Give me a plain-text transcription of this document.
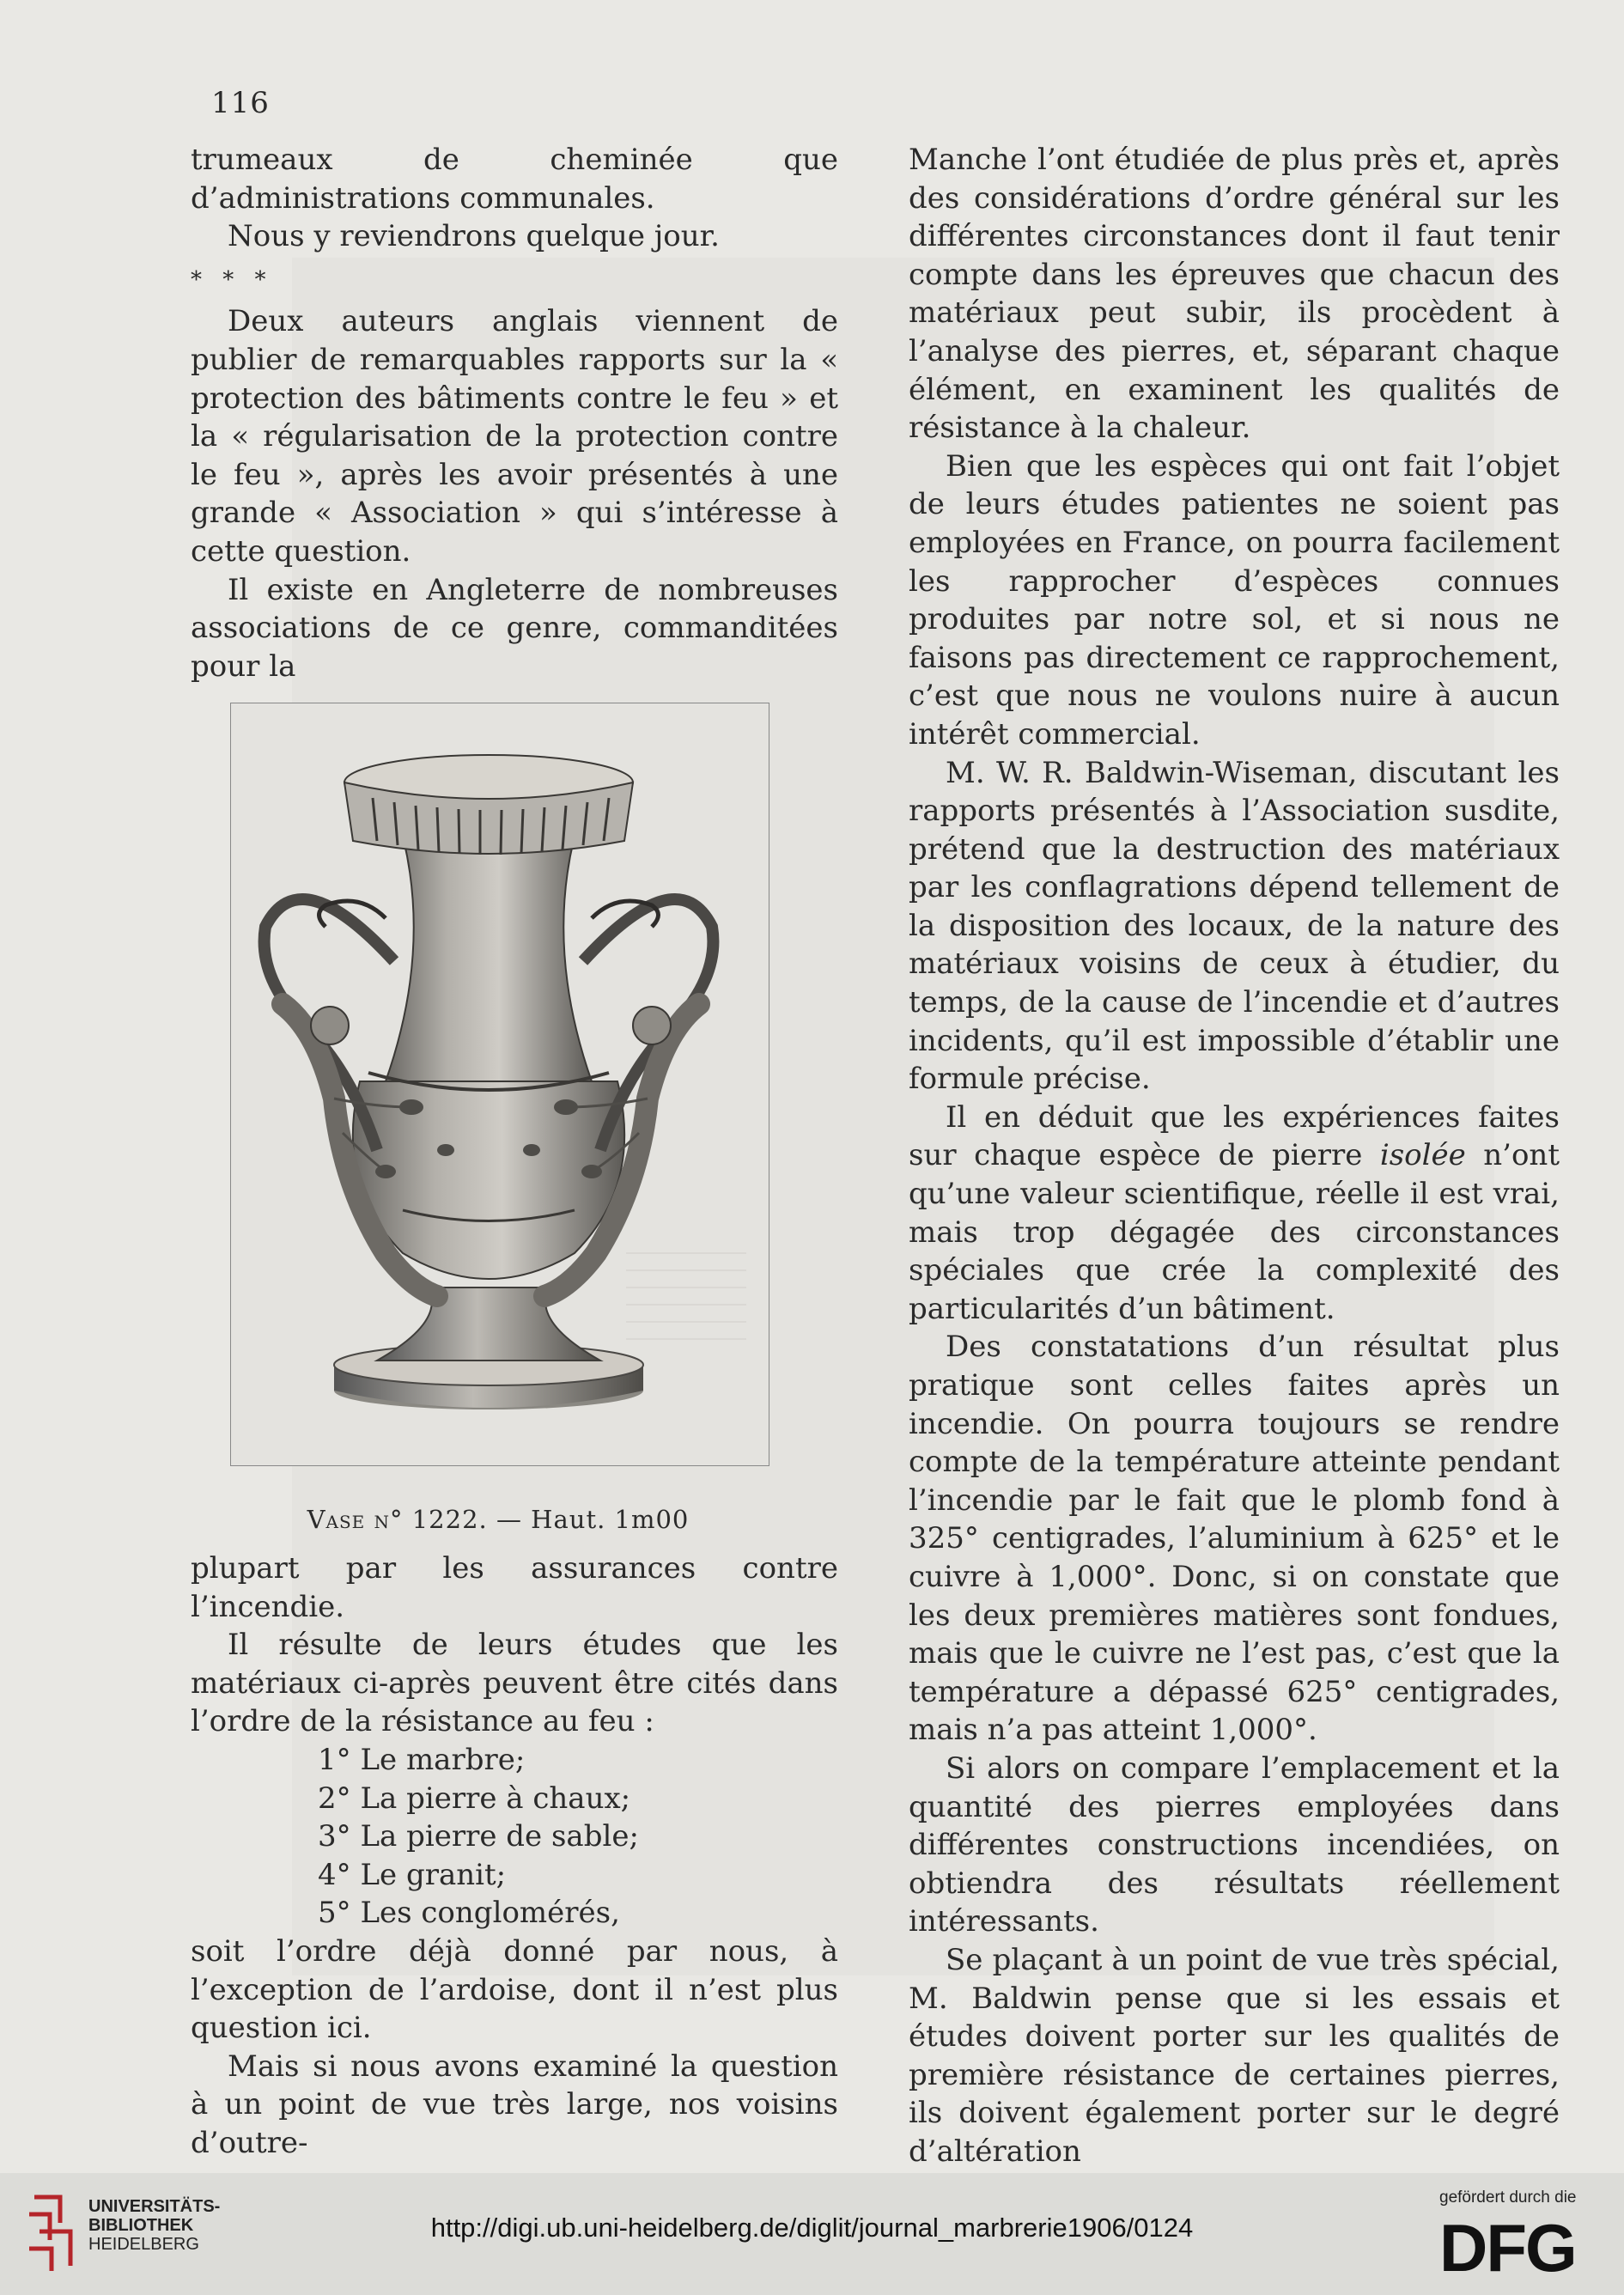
116

trumeaux de cheminée que d’administrations communales.

Nous y reviendrons quelque jour.

* * *

Deux auteurs anglais viennent de publier de remarquables rapports sur la « protection des bâtiments contre le feu » et la « régularisation de la protection contre le feu », après les avoir présentés à une grande « Association » qui s’intéresse à cette question.

Il existe en Angleterre de nombreuses associations de ce genre, commanditées pour la

Vase n° 1222. — Haut. 1m00

plupart par les assurances contre l’incendie.

Il résulte de leurs études que les matériaux ci-après peuvent être cités dans l’ordre de la résistance au feu :

1° Le marbre;

2° La pierre à chaux;

3° La pierre de sable;

4° Le granit;

5° Les conglomérés,

soit l’ordre déjà donné par nous, à l’exception de l’ardoise, dont il n’est plus question ici.

Mais si nous avons examiné la question à un point de vue très large, nos voisins d’outre-

Manche l’ont étudiée de plus près et, après des considérations d’ordre général sur les différentes circonstances dont il faut tenir compte dans les épreuves que chacun des matériaux peut subir, ils procèdent à l’analyse des pierres, et, séparant chaque élément, en examinent les qualités de résistance à la chaleur.

Bien que les espèces qui ont fait l’objet de leurs études patientes ne soient pas employées en France, on pourra facilement les rapprocher d’espèces connues produites par notre sol, et si nous ne faisons pas directement ce rapprochement, c’est que nous ne voulons nuire à aucun intérêt commercial.

M. W. R. Baldwin-Wiseman, discutant les rapports présentés à l’Association susdite, prétend que la destruction des matériaux par les conflagrations dépend tellement de la disposition des locaux, de la nature des matériaux voisins de ceux à étudier, du temps, de la cause de l’incendie et d’autres incidents, qu’il est impossible d’établir une formule précise.

Il en déduit que les expériences faites sur chaque espèce de pierre isolée n’ont qu’une valeur scientifique, réelle il est vrai, mais trop dégagée des circonstances spéciales que crée la complexité des particularités d’un bâtiment.

Des constatations d’un résultat plus pratique sont celles faites après un incendie. On pourra toujours se rendre compte de la température atteinte pendant l’incendie par le fait que le plomb fond à 325° centigrades, l’aluminium à 625° et le cuivre à 1,000°. Donc, si on constate que les deux premières matières sont fondues, mais que le cuivre ne l’est pas, c’est que la température a dépassé 625° centigrades, mais n’a pas atteint 1,000°.

Si alors on compare l’emplacement et la quantité des pierres employées dans différentes constructions incendiées, on obtiendra des résultats réellement intéressants.

Se plaçant à un point de vue très spécial, M. Baldwin pense que si les essais et études doivent porter sur les qualités de première résistance de certaines pierres, ils doivent également porter sur le degré d’altération

UNIVERSITÄTS-
BIBLIOTHEK
HEIDELBERG
http://digi.ub.uni-heidelberg.de/diglit/journal_marbrerie1906/0124
gefördert durch die
DFG
